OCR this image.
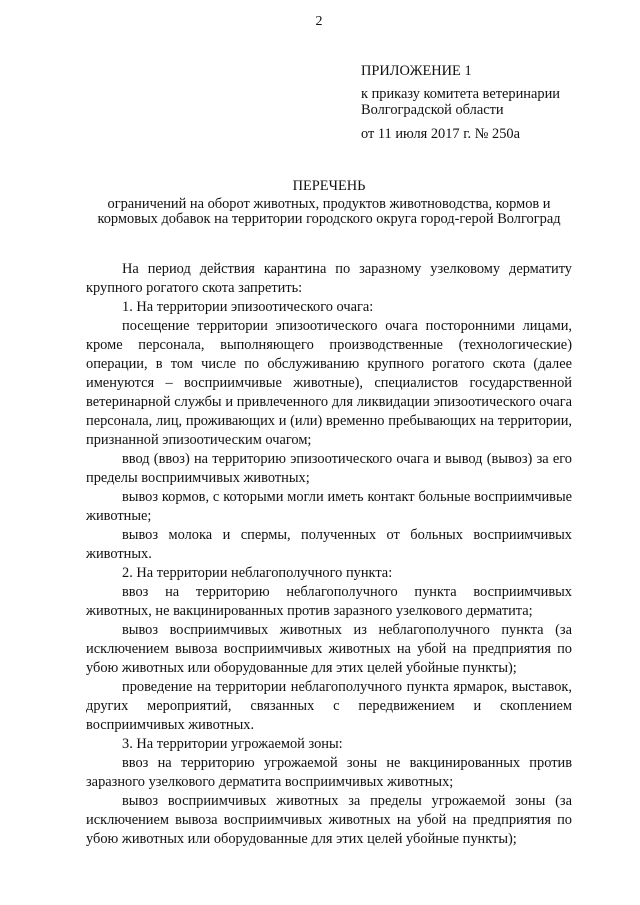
2
ПРИЛОЖЕНИЕ 1
к приказу комитета ветеринарии
Волгоградской области
от 11 июля 2017 г. № 250а
ПЕРЕЧЕНЬ
ограничений на оборот животных, продуктов животноводства, кормов и кормовых добавок на территории городского округа город-герой Волгоград

На период действия карантина по заразному узелковому дерматиту крупного рогатого скота запретить:

1. На территории эпизоотического очага:

посещение территории эпизоотического очага посторонними лицами, кроме персонала, выполняющего производственные (технологические) операции, в том числе по обслуживанию крупного рогатого скота (далее именуются – восприимчивые животные), специалистов государственной ветеринарной службы и привлеченного для ликвидации эпизоотического очага персонала, лиц, проживающих и (или) временно пребывающих на территории, признанной эпизоотическим очагом;

ввод (ввоз) на территорию эпизоотического очага и вывод (вывоз) за его пределы восприимчивых животных;

вывоз кормов, с которыми могли иметь контакт больные восприимчивые животные;

вывоз молока и спермы, полученных от больных восприимчивых животных.

2. На территории неблагополучного пункта:

ввоз на территорию неблагополучного пункта восприимчивых животных, не вакцинированных против заразного узелкового дерматита;

вывоз восприимчивых животных из неблагополучного пункта (за исключением вывоза восприимчивых животных на убой на предприятия по убою животных или оборудованные для этих целей убойные пункты);

проведение на территории неблагополучного пункта ярмарок, выставок, других мероприятий, связанных с передвижением и скоплением восприимчивых животных.

3. На территории угрожаемой зоны:

ввоз на территорию угрожаемой зоны не вакцинированных против заразного узелкового дерматита восприимчивых животных;

вывоз восприимчивых животных за пределы угрожаемой зоны (за исключением вывоза восприимчивых животных на убой на предприятия по убою животных или оборудованные для этих целей убойные пункты);
